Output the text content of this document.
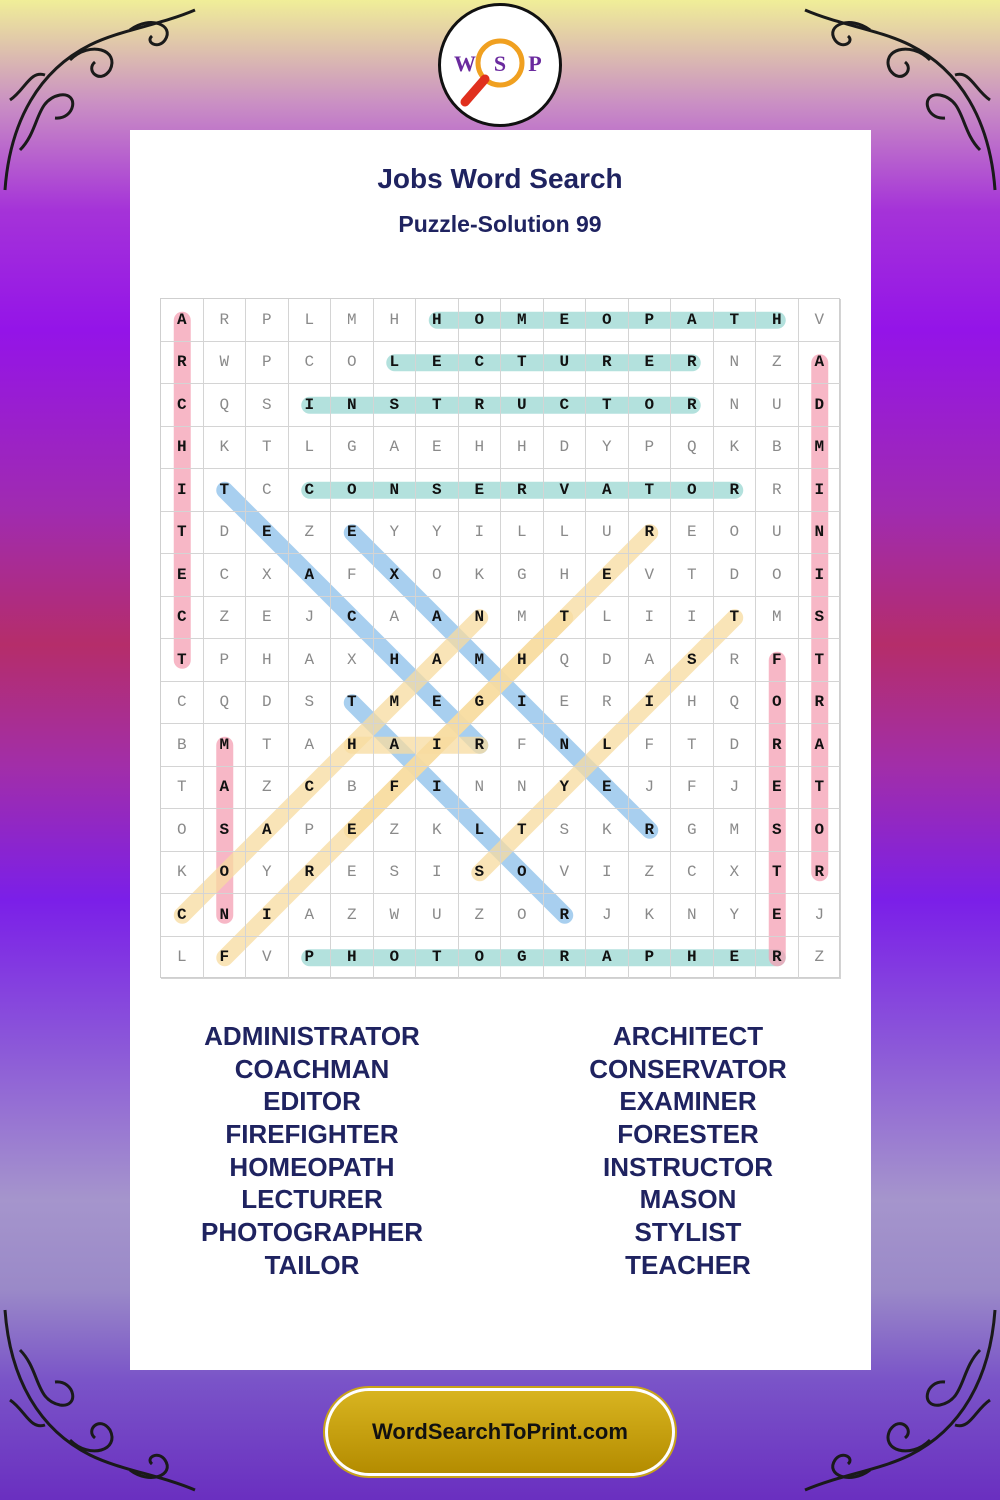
W S P
Jobs Word Search
Puzzle-Solution 99
A	R	P	L	M	H	H	O	M	E	O	P	A	T	H	V
R	W	P	C	O	L	E	C	T	U	R	E	R	N	Z	A
C	Q	S	I	N	S	T	R	U	C	T	O	R	N	U	D
H	K	T	L	G	A	E	H	H	D	Y	P	Q	K	B	M
I	T	C	C	O	N	S	E	R	V	A	T	O	R	R	I
T	D	E	Z	E	Y	Y	I	L	L	U	R	E	O	U	N
E	C	X	A	F	X	O	K	G	H	E	V	T	D	O	I
C	Z	E	J	C	A	A	N	M	T	L	I	I	T	M	S
T	P	H	A	X	H	A	M	H	Q	D	A	S	R	F	T
C	Q	D	S	T	M	E	G	I	E	R	I	H	Q	O	R
B	M	T	A	H	A	I	R	F	N	L	F	T	D	R	A
T	A	Z	C	B	F	I	N	N	Y	E	J	F	J	E	T
O	S	A	P	E	Z	K	L	T	S	K	R	G	M	S	O
K	O	Y	R	E	S	I	S	O	V	I	Z	C	X	T	R
C	N	I	A	Z	W	U	Z	O	R	J	K	N	Y	E	J
L	F	V	P	H	O	T	O	G	R	A	P	H	E	R	Z
ADMINISTRATOR
COACHMAN
EDITOR
FIREFIGHTER
HOMEOPATH
LECTURER
PHOTOGRAPHER
TAILOR
ARCHITECT
CONSERVATOR
EXAMINER
FORESTER
INSTRUCTOR
MASON
STYLIST
TEACHER
WordSearchToPrint.com
